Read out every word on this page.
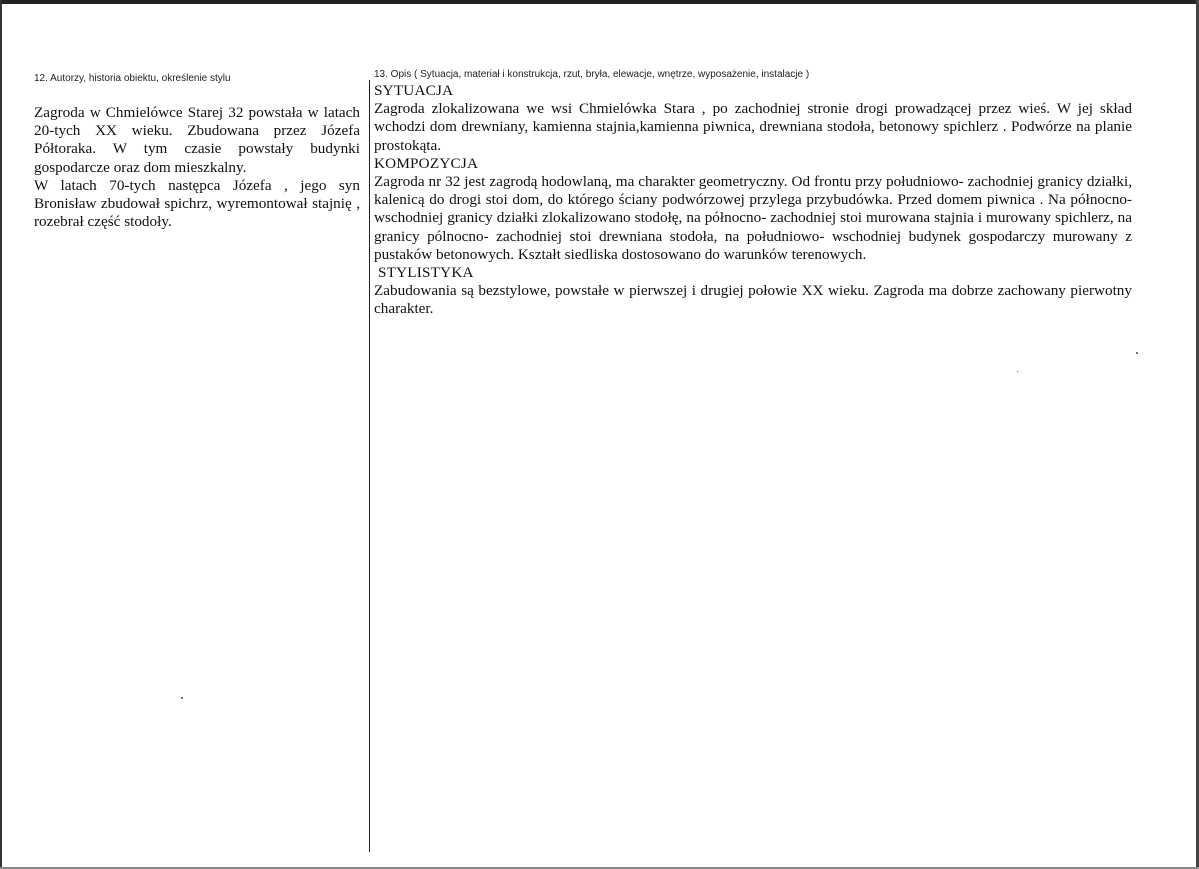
12. Autorzy, historia obiektu, określenie stylu

Zagroda w Chmielówce Starej 32 powstała w latach 20-tych XX wieku. Zbudowana przez Józefa Półtoraka. W tym czasie powstały budynki gospodarcze oraz dom mieszkalny.

W latach 70-tych następca Józefa , jego syn Bronisław zbudował spichrz, wyremontował stajnię , rozebrał część stodoły.

13. Opis ( Sytuacja, materiał i konstrukcja, rzut, bryła, elewacje, wnętrze, wyposażenie, instalacje )

SYTUACJA

Zagroda zlokalizowana we wsi Chmielówka Stara , po zachodniej stronie drogi prowadzącej przez wieś. W jej skład wchodzi dom drewniany, kamienna stajnia,kamienna piwnica, drewniana stodoła, betonowy spichlerz . Podwórze na planie prostokąta.

KOMPOZYCJA

Zagroda nr 32 jest zagrodą hodowlaną, ma charakter geometryczny. Od frontu przy południowo- zachodniej granicy działki, kalenicą do drogi stoi dom, do którego ściany podwórzowej przylega przybudówka. Przed domem piwnica . Na północno- wschodniej granicy działki zlokalizowano stodołę, na północno- zachodniej stoi murowana stajnia i murowany spichlerz, na granicy pólnocno- zachodniej stoi drewniana stodoła, na południowo- wschodniej budynek gospodarczy murowany z pustaków betonowych. Kształt siedliska dostosowano do warunków terenowych.

STYLISTYKA

Zabudowania są bezstylowe, powstałe w pierwszej i drugiej połowie XX wieku. Zagroda ma dobrze zachowany pierwotny charakter.
